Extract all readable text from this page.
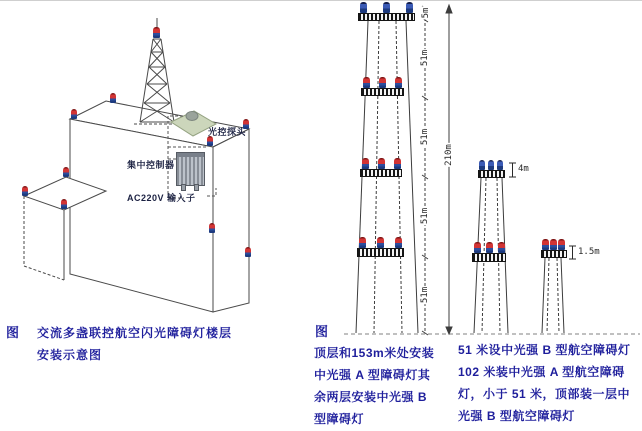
光控探头
集中控制器
AC220V 输入子
图 交流多盏联控航空闪光障碍灯楼层
安装示意图
5m
51m
51m
51m
51m
210m
4m
1.5m
图
顶层和153m米处安装
中光强 A 型障碍灯其
余两层安装中光强 B
型障碍灯
51 米设中光强 B 型航空障碍灯
102 米装中光强 A 型航空障碍
灯，小于 51 米，顶部装一层中
光强 B 型航空障碍灯
